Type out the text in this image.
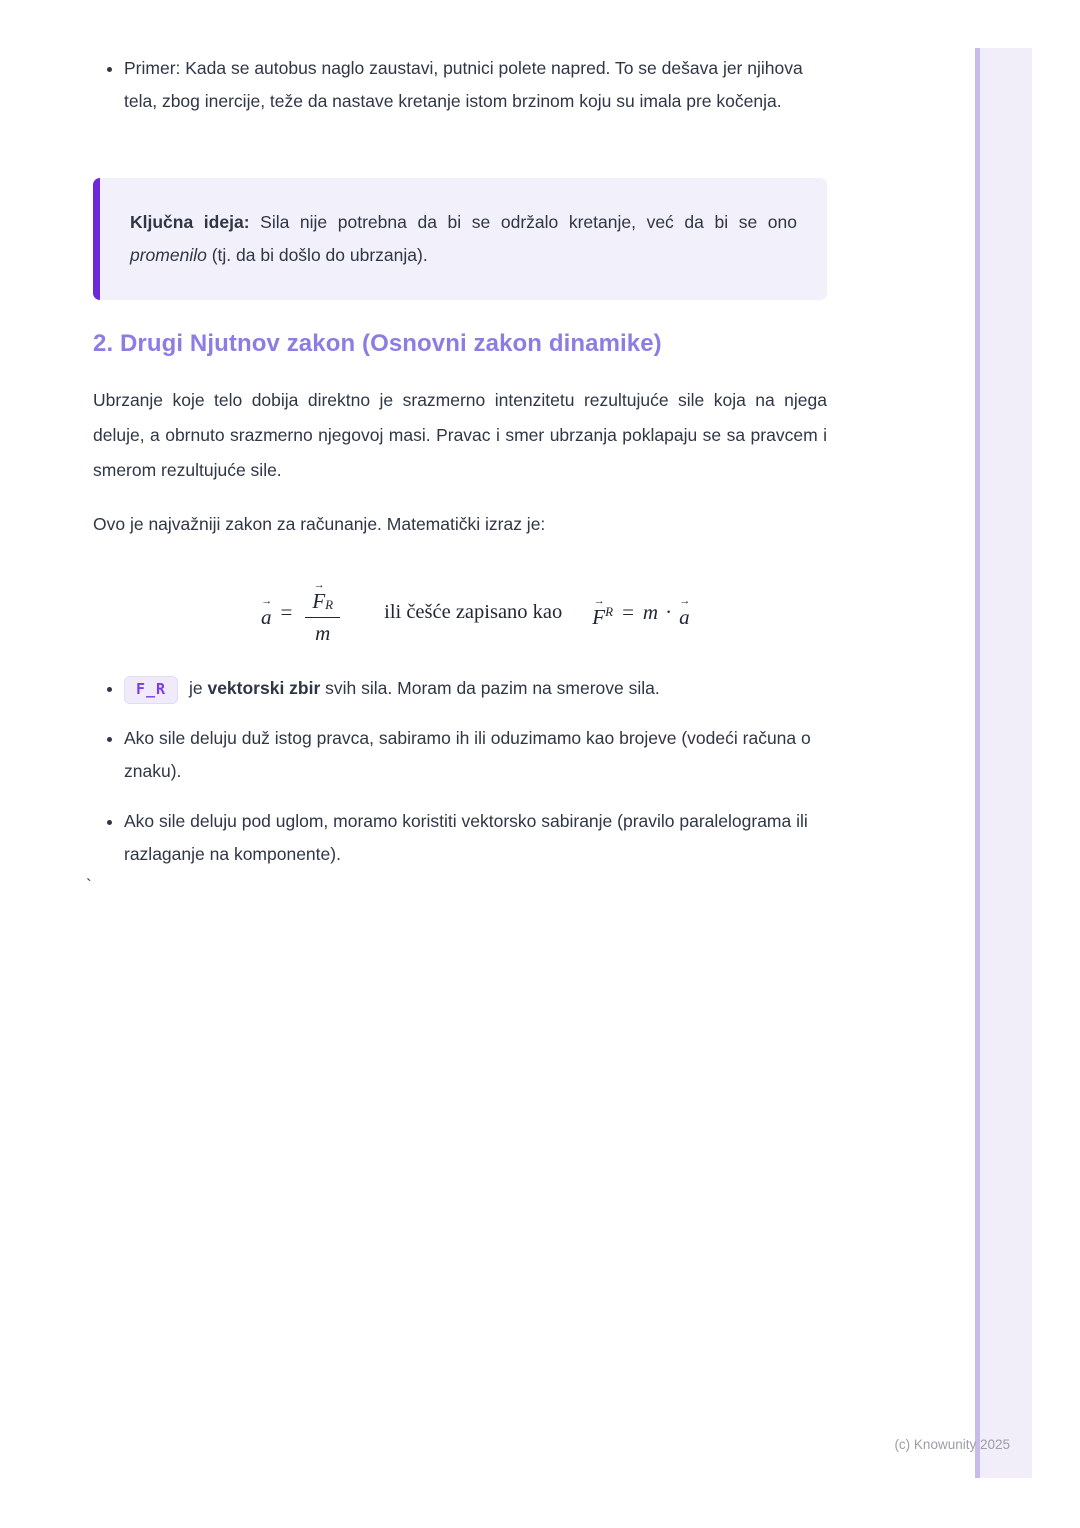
• Primer: Kada se autobus naglo zaustavi, putnici polete napred. To se dešava jer njihova tela, zbog inercije, teže da nastave kretanje istom brzinom koju su imala pre kočenja.
Ključna ideja: Sila nije potrebna da bi se održalo kretanje, već da bi se ono promenilo (tj. da bi došlo do ubrzanja).
2. Drugi Njutnov zakon (Osnovni zakon dinamike)

Ubrzanje koje telo dobija direktno je srazmerno intenzitetu rezultujuće sile koja na njega deluje, a obrnuto srazmerno njegovoj masi. Pravac i smer ubrzanja poklapaju se sa pravcem i smerom rezultujuće sile.

Ovo je najvažniji zakon za računanje. Matematički izraz je:

→
a = →
$F_R$
m ili češće zapisano kao	→
F R = m · →
a
• F_R je vektorski zbir svih sila. Moram da pazim na smerove sila.
• Ako sile deluju duž istog pravca, sabiramo ih ili oduzimamo kao brojeve (vodeći računa o znaku).
• Ako sile deluju pod uglom, moramo koristiti vektorsko sabiranje (pravilo paralelograma ili razlaganje na komponente).
`
(c) Knowunity 2025
